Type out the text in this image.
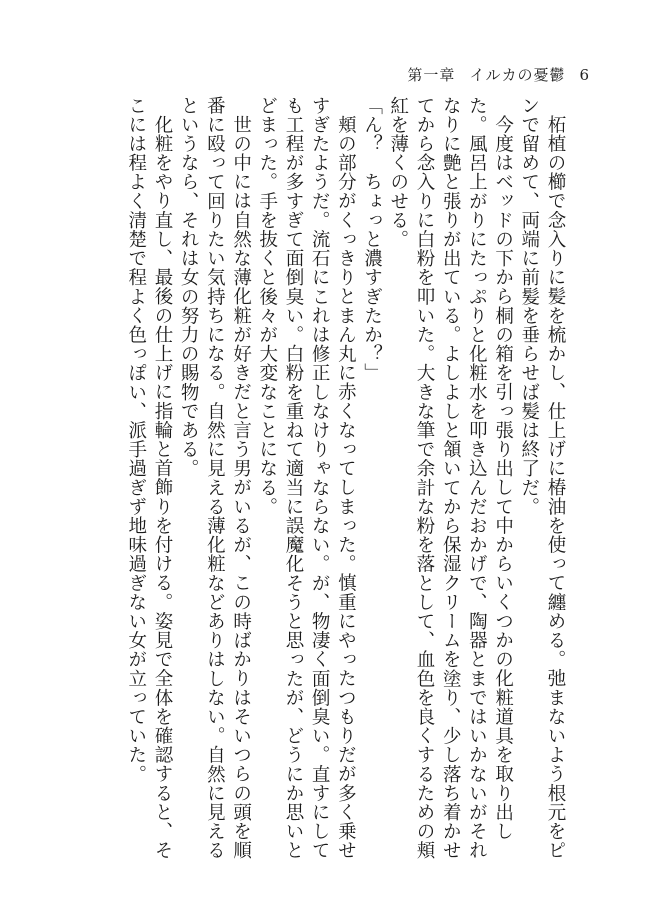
第一章 イルカの憂鬱 6

柘植の櫛で念入りに髪を梳かし、仕上げに椿油を使って纏める。弛まないよう根元をピンで留めて、両端に前髪を垂らせば髪は終了だ。

今度はベッドの下から桐の箱を引っ張り出して中からいくつかの化粧道具を取り出した。風呂上がりにたっぷりと化粧水を叩き込んだおかげで、陶器とまではいかないがそれなりに艶と張りが出ている。よしよしと頷いてから保湿クリームを塗り、少し落ち着かせてから念入りに白粉を叩いた。大きな筆で余計な粉を落として、血色を良くするための頬紅を薄くのせる。

「ん？　ちょっと濃すぎたか？」

頬の部分がくっきりとまん丸に赤くなってしまった。慎重にやったつもりだが多く乗せすぎたようだ。流石にこれは修正しなけりゃならない。が、物凄く面倒臭い。直すにしても工程が多すぎて面倒臭い。白粉を重ねて適当に誤魔化そうと思ったが、どうにか思いとどまった。手を抜くと後々が大変なことになる。

世の中には自然な薄化粧が好きだと言う男がいるが、この時ばかりはそいつらの頭を順番に殴って回りたい気持ちになる。自然に見える薄化粧などありはしない。自然に見えるというなら、それは女の努力の賜物である。

化粧をやり直し、最後の仕上げに指輪と首飾りを付ける。姿見で全体を確認すると、そこには程よく清楚で程よく色っぽい、派手過ぎず地味過ぎない女が立っていた。
